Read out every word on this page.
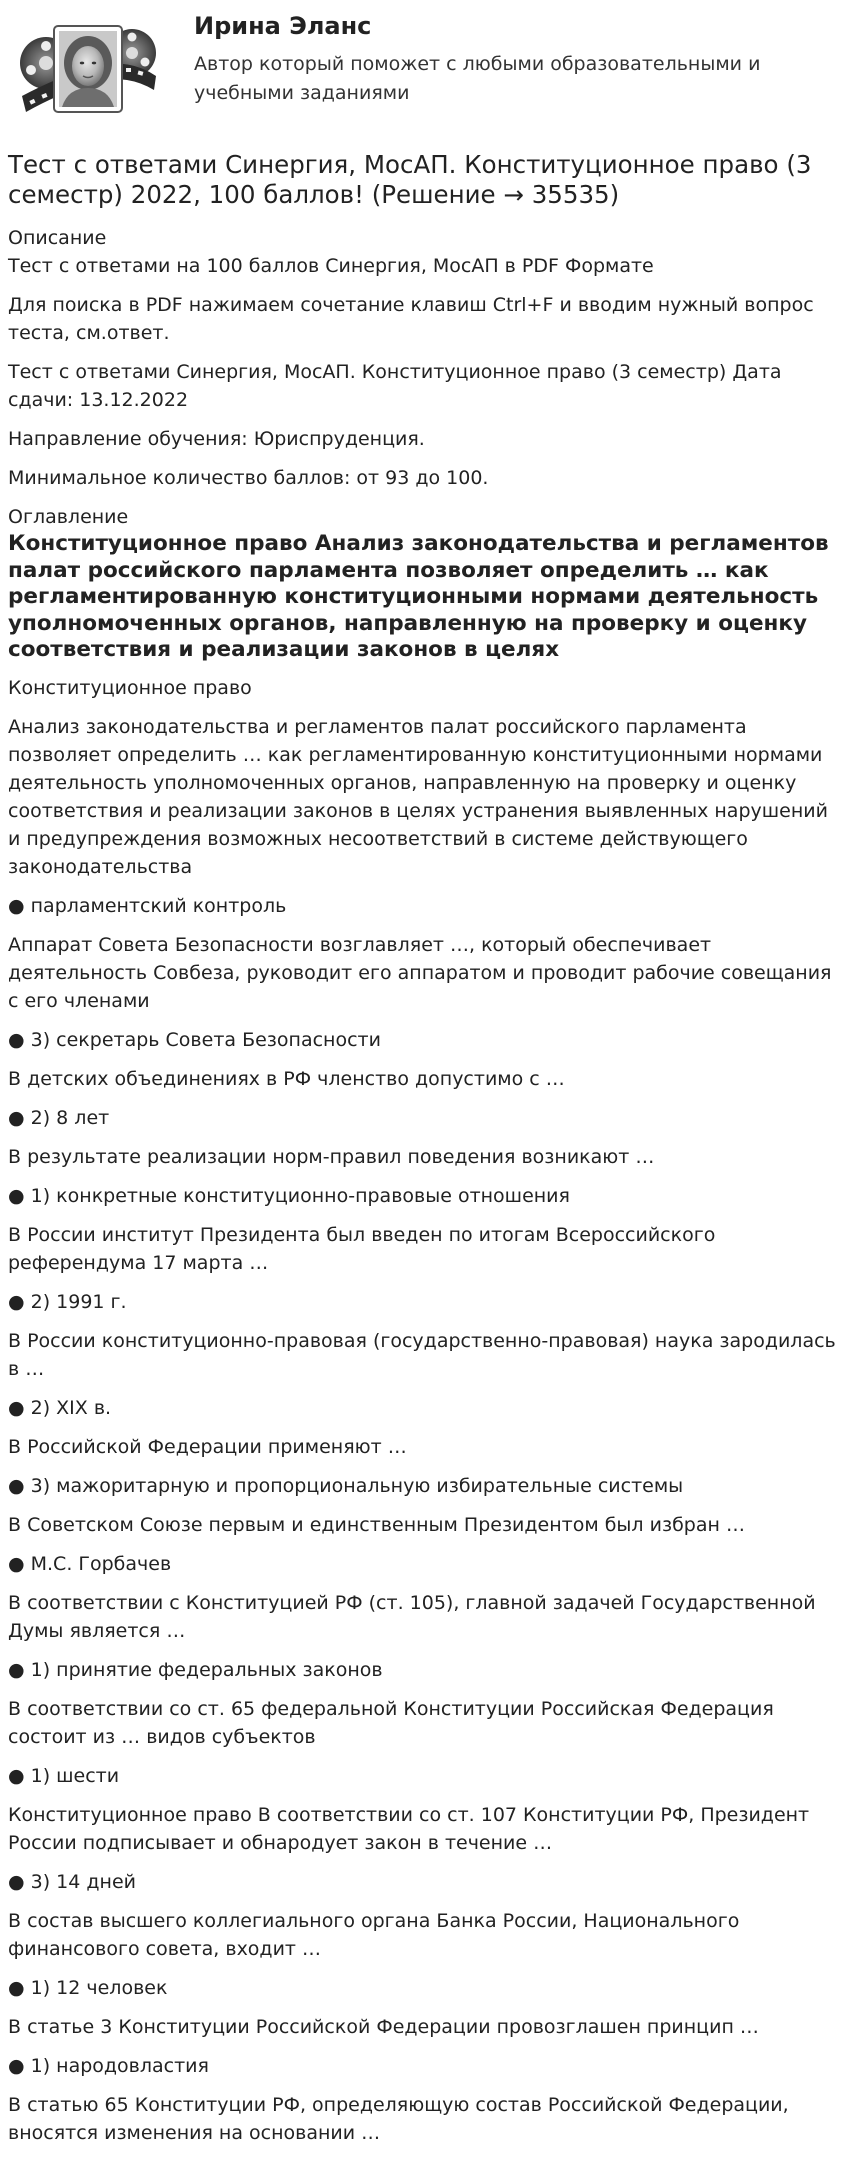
Ирина Эланс
Автор который поможет с любыми образовательными и учебными заданиями
Тест с ответами Синергия, МосАП. Конституционное право (3 семестр) 2022, 100 баллов! (Решение → 35535)
Описание

Тест с ответами на 100 баллов Синергия, МосАП в PDF Формате

Для поиска в PDF нажимаем сочетание клавиш Ctrl+F и вводим нужный вопрос теста, см.ответ.

Тест с ответами Синергия, МосАП. Конституционное право (3 семестр) Дата сдачи: 13.12.2022

Направление обучения: Юриспруденция.

Минимальное количество баллов: от 93 до 100.

Оглавление
Конституционное право Анализ законодательства и регламентов палат российского парламента позволяет определить … как регламентированную конституционными нормами деятельность уполномоченных органов, направленную на проверку и оценку соответствия и реализации законов в целях

Конституционное право

Анализ законодательства и регламентов палат российского парламента позволяет определить … как регламентированную конституционными нормами деятельность уполномоченных органов, направленную на проверку и оценку соответствия и реализации законов в целях устранения выявленных нарушений и предупреждения возможных несоответствий в системе действующего законодательства

● парламентский контроль

Аппарат Совета Безопасности возглавляет …, который обеспечивает деятельность Совбеза, руководит его аппаратом и проводит рабочие совещания с его членами

● 3) секретарь Совета Безопасности

В детских объединениях в РФ членство допустимо с …

● 2) 8 лет

В результате реализации норм-правил поведения возникают …

● 1) конкретные конституционно-правовые отношения

В России институт Президента был введен по итогам Всероссийского референдума 17 марта …

● 2) 1991 г.

В России конституционно-правовая (государственно-правовая) наука зародилась в …

● 2) XIX в.

В Российской Федерации применяют …

● 3) мажоритарную и пропорциональную избирательные системы

В Советском Союзе первым и единственным Президентом был избран …

● М.С. Горбачев

В соответствии с Конституцией РФ (ст. 105), главной задачей Государственной Думы является …

● 1) принятие федеральных законов

В соответствии со ст. 65 федеральной Конституции Российская Федерация состоит из … видов субъектов

● 1) шести

Конституционное право В соответствии со ст. 107 Конституции РФ, Президент России подписывает и обнародует закон в течение …

● 3) 14 дней

В состав высшего коллегиального органа Банка России, Национального финансового совета, входит …

● 1) 12 человек

В статье 3 Конституции Российской Федерации провозглашен принцип …

● 1) народовластия

В статью 65 Конституции РФ, определяющую состав Российской Федерации, вносятся изменения на основании …
